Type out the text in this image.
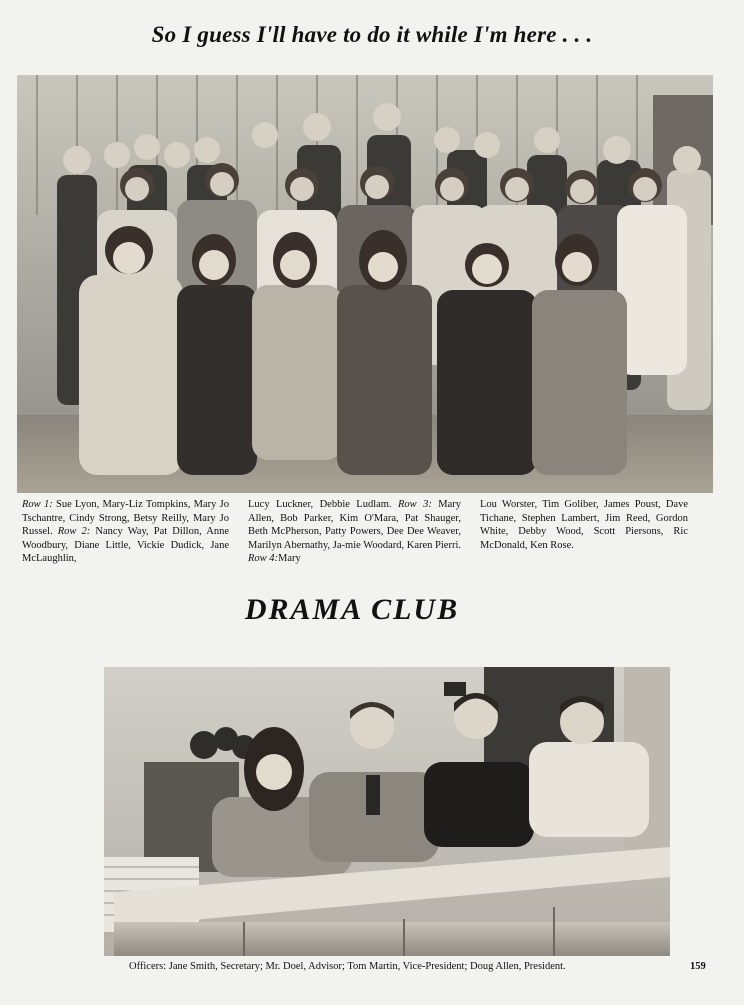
So I guess I'll have to do it while I'm here . . .
Row 1: Sue Lyon, Mary-Liz Tompkins, Mary Jo Tschantre, Cindy Strong, Betsy Reilly, Mary Jo Russel. Row 2: Nancy Way, Pat Dillon, Anne Woodbury, Diane Little, Vickie Dudick, Jane McLaughlin,
Lucy Luckner, Debbie Ludlam. Row 3: Mary Allen, Bob Parker, Kim O'Mara, Pat Shauger, Beth McPherson, Patty Powers, Dee Dee Weaver, Marilyn Abernathy, Ja-mie Woodard, Karen Pierri. Row 4:Mary
Lou Worster, Tim Goliber, James Poust, Dave Tichane, Stephen Lambert, Jim Reed, Gordon White, Debby Wood, Scott Piersons, Ric McDonald, Ken Rose.
DRAMA CLUB
Officers: Jane Smith, Secretary; Mr. Doel, Advisor; Tom Martin, Vice-President; Doug Allen, President.	159
